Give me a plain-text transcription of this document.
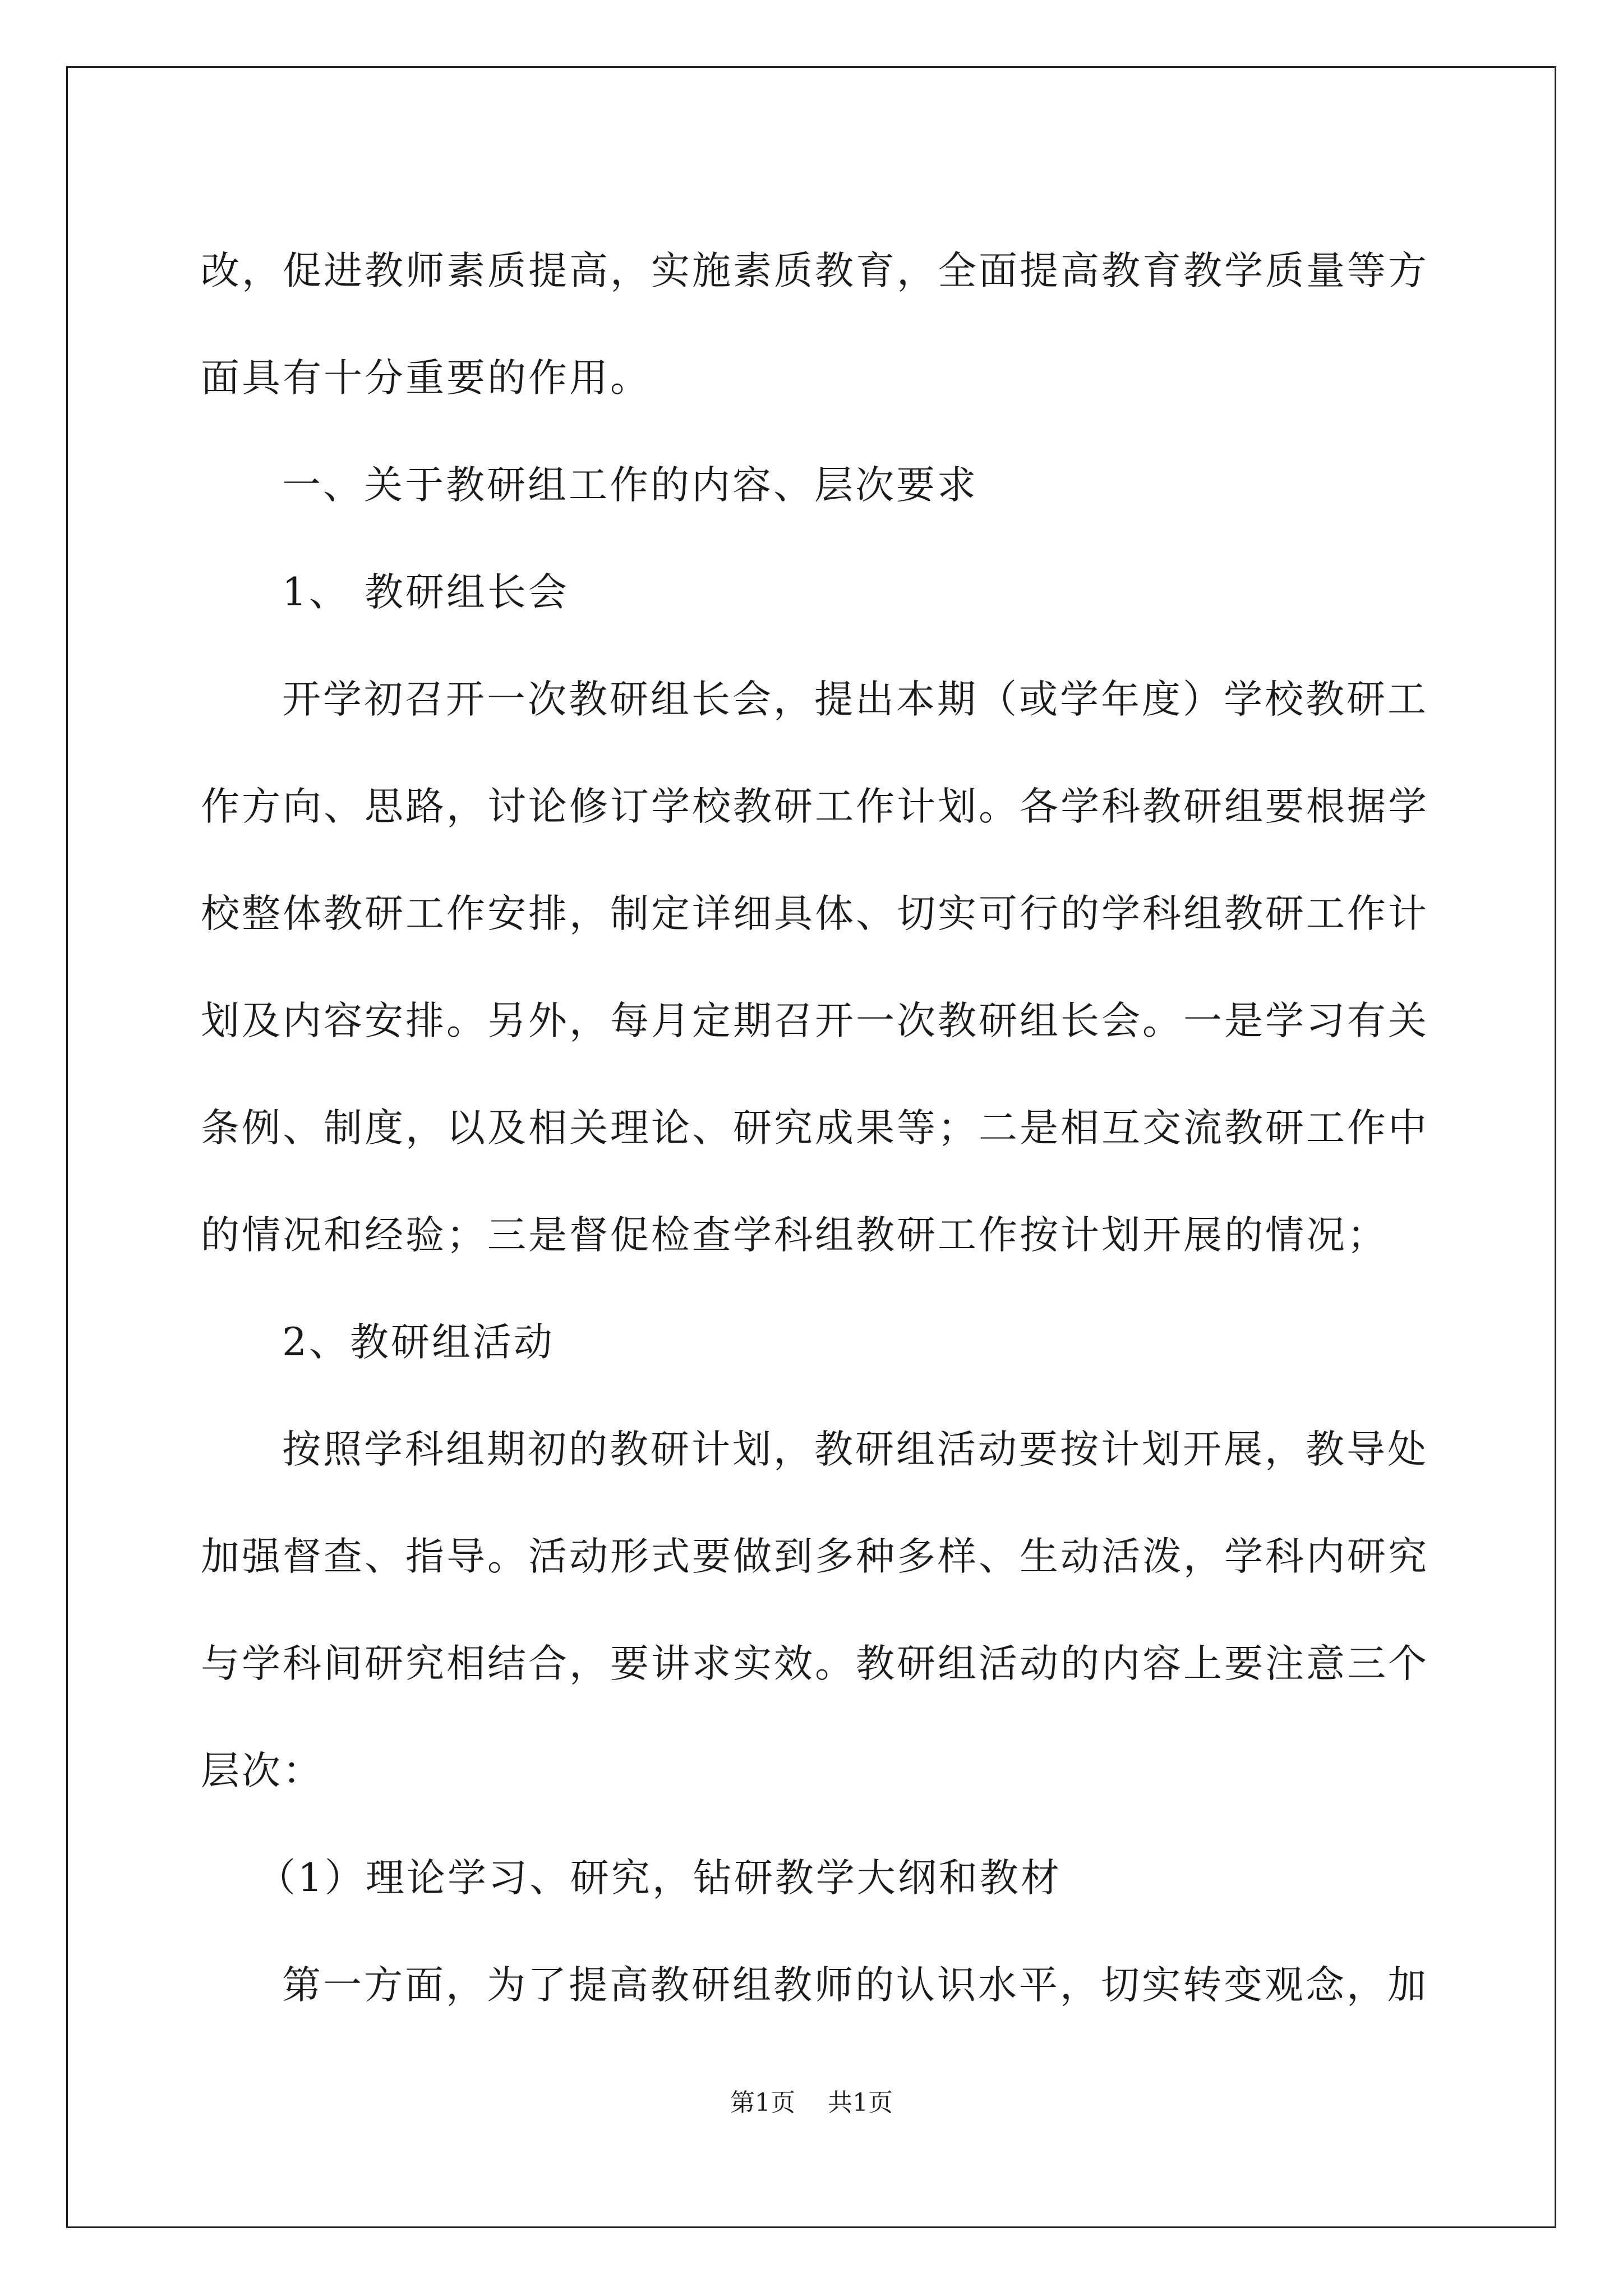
改，促进教师素质提高，实施素质教育，全面提高教育教学质量等方

面具有十分重要的作用。

一、关于教研组工作的内容、层次要求

1、 教研组长会

开学初召开一次教研组长会，提出本期（或学年度）学校教研工

作方向、思路，讨论修订学校教研工作计划。各学科教研组要根据学

校整体教研工作安排，制定详细具体、切实可行的学科组教研工作计

划及内容安排。另外，每月定期召开一次教研组长会。一是学习有关

条例、制度，以及相关理论、研究成果等；二是相互交流教研工作中

的情况和经验；三是督促检查学科组教研工作按计划开展的情况；

2、教研组活动

按照学科组期初的教研计划，教研组活动要按计划开展，教导处

加强督查、指导。活动形式要做到多种多样、生动活泼，学科内研究

与学科间研究相结合，要讲求实效。教研组活动的内容上要注意三个

层次：

（1）理论学习、研究，钻研教学大纲和教材

第一方面，为了提高教研组教师的认识水平，切实转变观念，加

第1页 共1页
